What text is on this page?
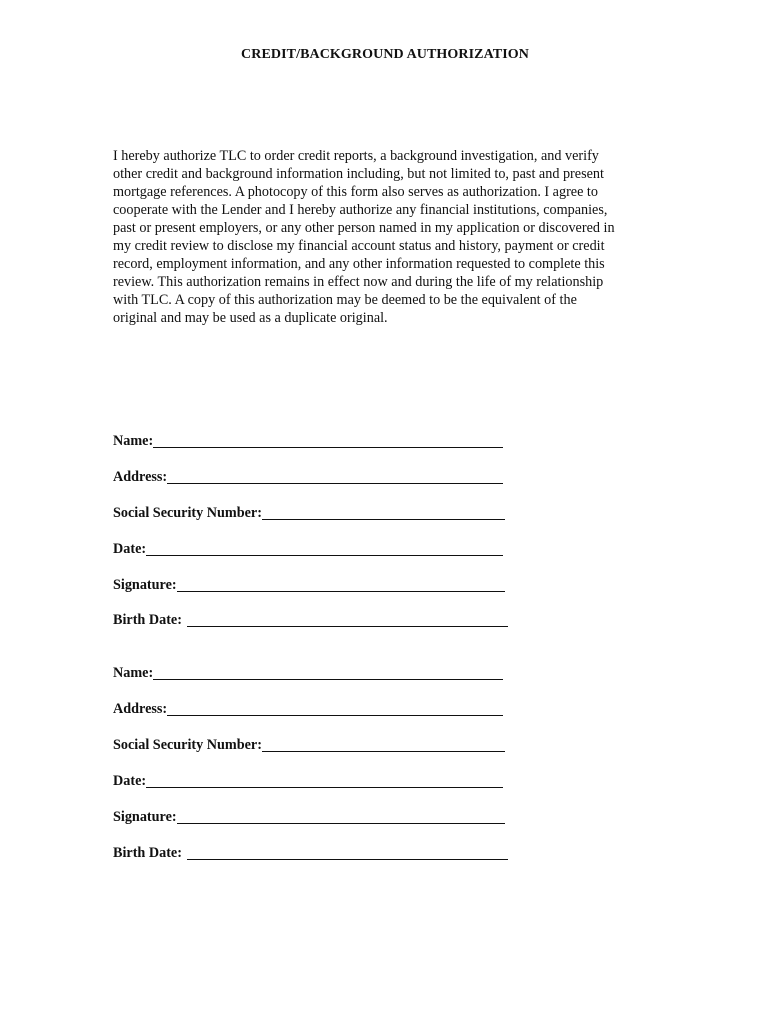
CREDIT/BACKGROUND AUTHORIZATION
I hereby authorize TLC to order credit reports, a background investigation, and verify
other credit and background information including, but not limited to, past and present
mortgage references. A photocopy of this form also serves as authorization. I agree to
cooperate with the Lender and I hereby authorize any financial institutions, companies,
past or present employers, or any other person named in my application or discovered in
my credit review to disclose my financial account status and history, payment or credit
record, employment information, and any other information requested to complete this
review. This authorization remains in effect now and during the life of my relationship
with TLC. A copy of this authorization may be deemed to be the equivalent of the
original and may be used as a duplicate original.
Name:
Address:
Social Security Number:
Date:
Signature:
Birth Date:
Name:
Address:
Social Security Number:
Date:
Signature:
Birth Date:
